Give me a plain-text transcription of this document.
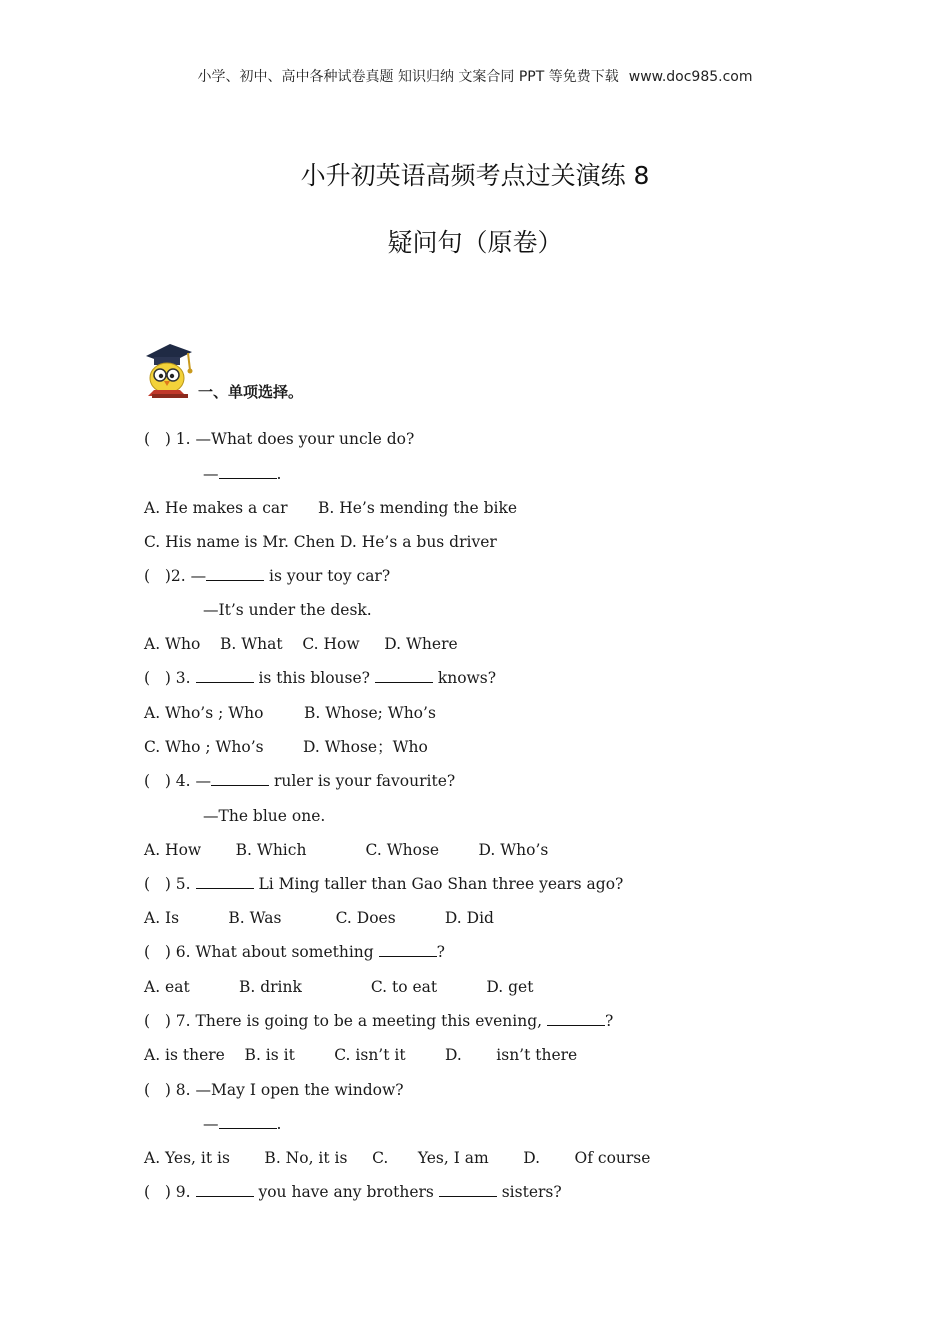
小学、初中、高中各种试卷真题 知识归纳 文案合同 PPT 等免费下载 www.doc985.com
小升初英语高频考点过关演练 8
疑问句（原卷）
一、单项选择。
(   ) 1. —What does your uncle do?
—	.
A. He makes a car B. He’s mending the bike
C. His name is Mr. Chen D. He’s a bus driver
(   )2. —	is your toy car?
—It’s under the desk.
A. Who    B. What    C. How     D. Where
(   ) 3.	is this blouse?	knows?
A. Who’s ; Who	B. Whose; Who’s
C. Who ; Who’s	D. Whose；Who
(   ) 4. —	ruler is your favourite?
—The blue one.
A. How       B. Which            C. Whose        D. Who’s
(   ) 5.	Li Ming taller than Gao Shan three years ago?
A. Is          B. Was           C. Does          D. Did
(   ) 6. What about something	?
A. eat          B. drink              C. to eat          D. get
(   ) 7. There is going to be a meeting this evening,	?
A. is there    B. is it        C. isn’t it        D.       isn’t there
(   ) 8. —May I open the window?
—	.
A. Yes, it is       B. No, it is     C.      Yes, I am       D.       Of course
(   ) 9.	you have any brothers	sisters?
